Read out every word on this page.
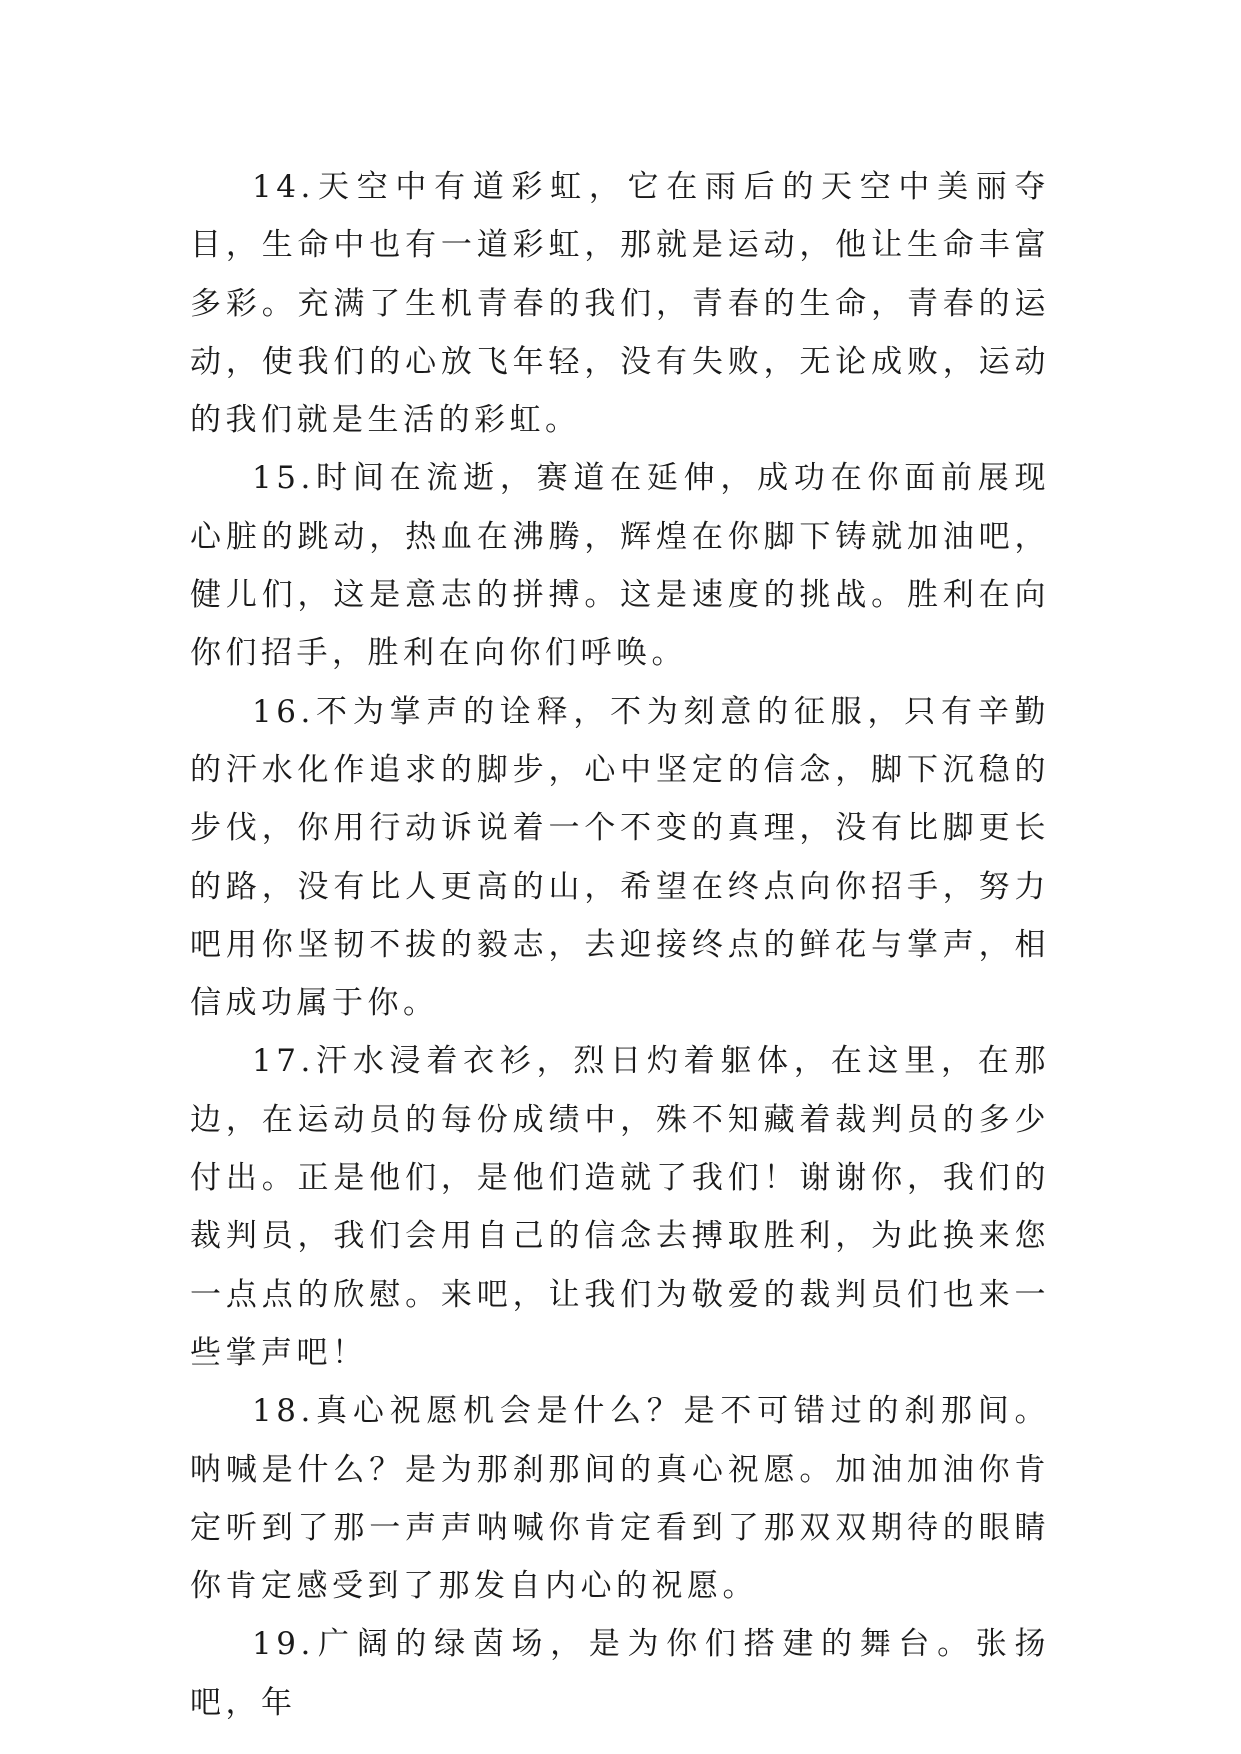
14.天空中有道彩虹，它在雨后的天空中美丽夺目，生命中也有一道彩虹，那就是运动，他让生命丰富多彩。充满了生机青春的我们，青春的生命，青春的运动，使我们的心放飞年轻，没有失败，无论成败，运动的我们就是生活的彩虹。

15.时间在流逝，赛道在延伸，成功在你面前展现心脏的跳动，热血在沸腾，辉煌在你脚下铸就加油吧，健儿们，这是意志的拼搏。这是速度的挑战。胜利在向你们招手，胜利在向你们呼唤。

16.不为掌声的诠释，不为刻意的征服，只有辛勤的汗水化作追求的脚步，心中坚定的信念，脚下沉稳的步伐，你用行动诉说着一个不变的真理，没有比脚更长的路，没有比人更高的山，希望在终点向你招手，努力吧用你坚韧不拔的毅志，去迎接终点的鲜花与掌声，相信成功属于你。

17.汗水浸着衣衫，烈日灼着躯体，在这里，在那边，在运动员的每份成绩中，殊不知藏着裁判员的多少付出。正是他们，是他们造就了我们！谢谢你，我们的裁判员，我们会用自己的信念去搏取胜利，为此换来您一点点的欣慰。来吧，让我们为敬爱的裁判员们也来一些掌声吧！

18.真心祝愿机会是什么？是不可错过的刹那间。呐喊是什么？是为那刹那间的真心祝愿。加油加油你肯定听到了那一声声呐喊你肯定看到了那双双期待的眼睛你肯定感受到了那发自内心的祝愿。

19.广阔的绿茵场，是为你们搭建的舞台。张扬吧，年
